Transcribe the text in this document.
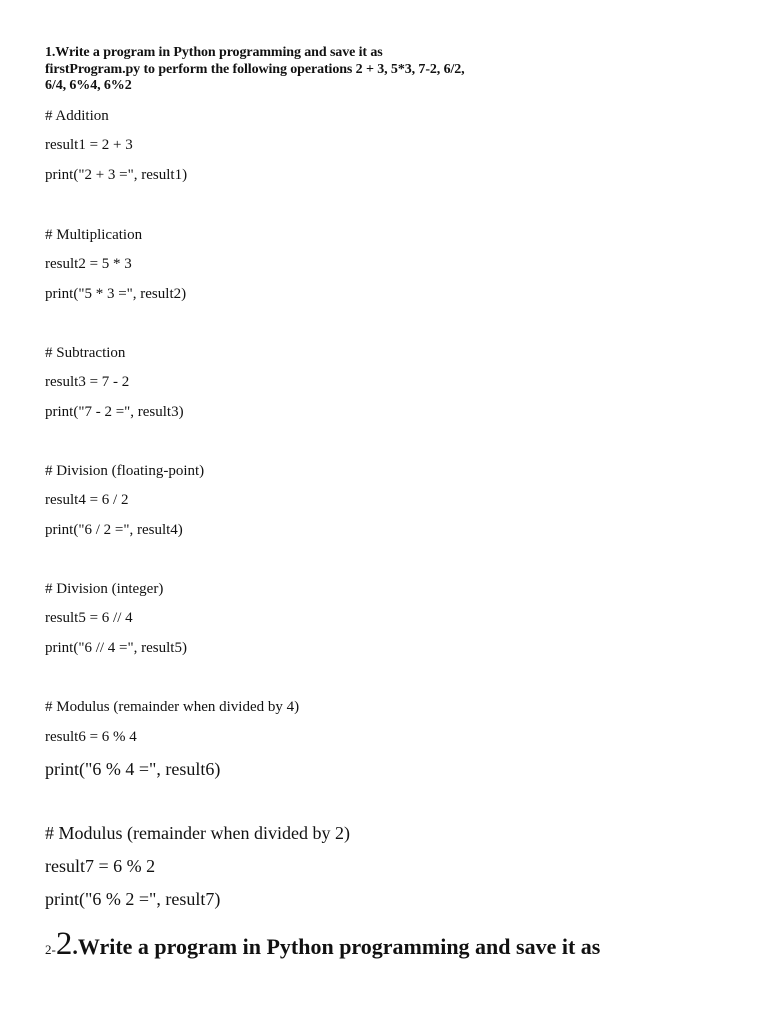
1.Write a program in Python programming and save it as firstProgram.py to perform the following operations 2 + 3, 5*3, 7-2, 6/2, 6/4, 6%4, 6%2
# Addition
result1 = 2 + 3
print("2 + 3 =", result1)
# Multiplication
result2 = 5 * 3
print("5 * 3 =", result2)
# Subtraction
result3 = 7 - 2
print("7 - 2 =", result3)
# Division (floating-point)
result4 = 6 / 2
print("6 / 2 =", result4)
# Division (integer)
result5 = 6 // 4
print("6 // 4 =", result5)
# Modulus (remainder when divided by 4)
result6 = 6 % 4
print("6 % 4 =", result6)
# Modulus (remainder when divided by 2)
result7 = 6 % 2
print("6 % 2 =", result7)
2-2.Write a program in Python programming and save it as
